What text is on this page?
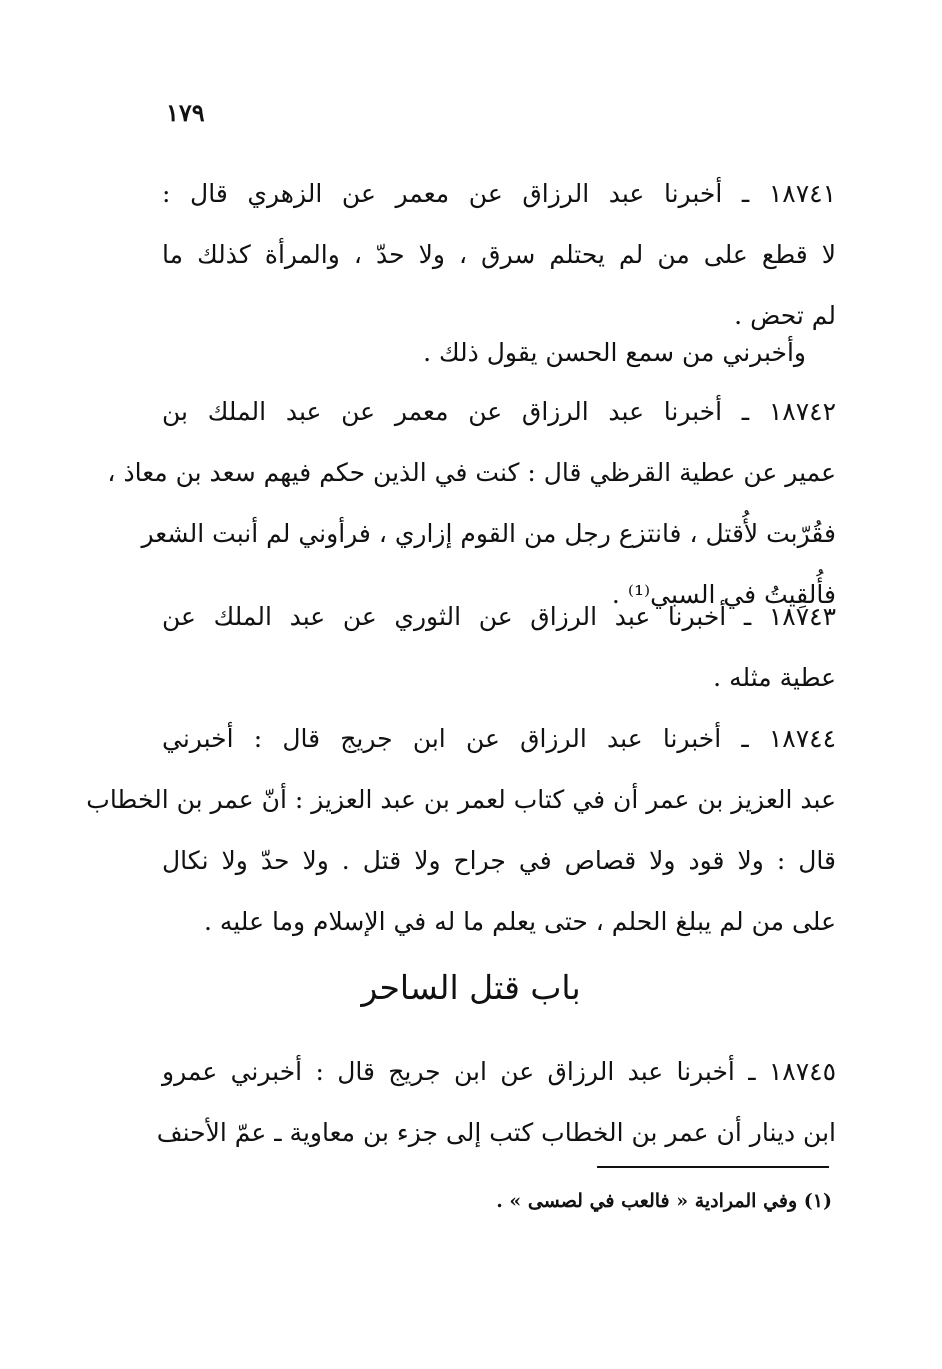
١٧٩
١٨٧٤١ ـ أخبرنا عبد الرزاق عن معمر عن الزهري قال :
لا قطع على من لم يحتلم سرق ، ولا حدّ ، والمرأة كذلك ما
لم تحض .
وأخبرني من سمع الحسن يقول ذلك .
١٨٧٤٢ ـ أخبرنا عبد الرزاق عن معمر عن عبد الملك بن
عمير عن عطية القرظي قال : كنت في الذين حكم فيهم سعد بن معاذ ،
فقُرّبت لأُقتل ، فانتزع رجل من القوم إزاري ، فرأوني لم أنبت الشعر
فأُلقِيتُ في السبي⁽¹⁾ .
١٨٧٤٣ ـ أخبرنا عبد الرزاق عن الثوري عن عبد الملك عن
عطية مثله .
١٨٧٤٤ ـ أخبرنا عبد الرزاق عن ابن جريج قال : أخبرني
عبد العزيز بن عمر أن في كتاب لعمر بن عبد العزيز : أنّ عمر بن الخطاب
قال : ولا قود ولا قصاص في جراح ولا قتل . ولا حدّ ولا نكال
على من لم يبلغ الحلم ، حتى يعلم ما له في الإسلام وما عليه .
باب قتل الساحر
١٨٧٤٥ ـ أخبرنا عبد الرزاق عن ابن جريج قال : أخبرني عمرو
ابن دينار أن عمر بن الخطاب كتب إلى جزء بن معاوية ـ عمّ الأحنف
(١) وفي المرادية « فالعب في لصسى » .
